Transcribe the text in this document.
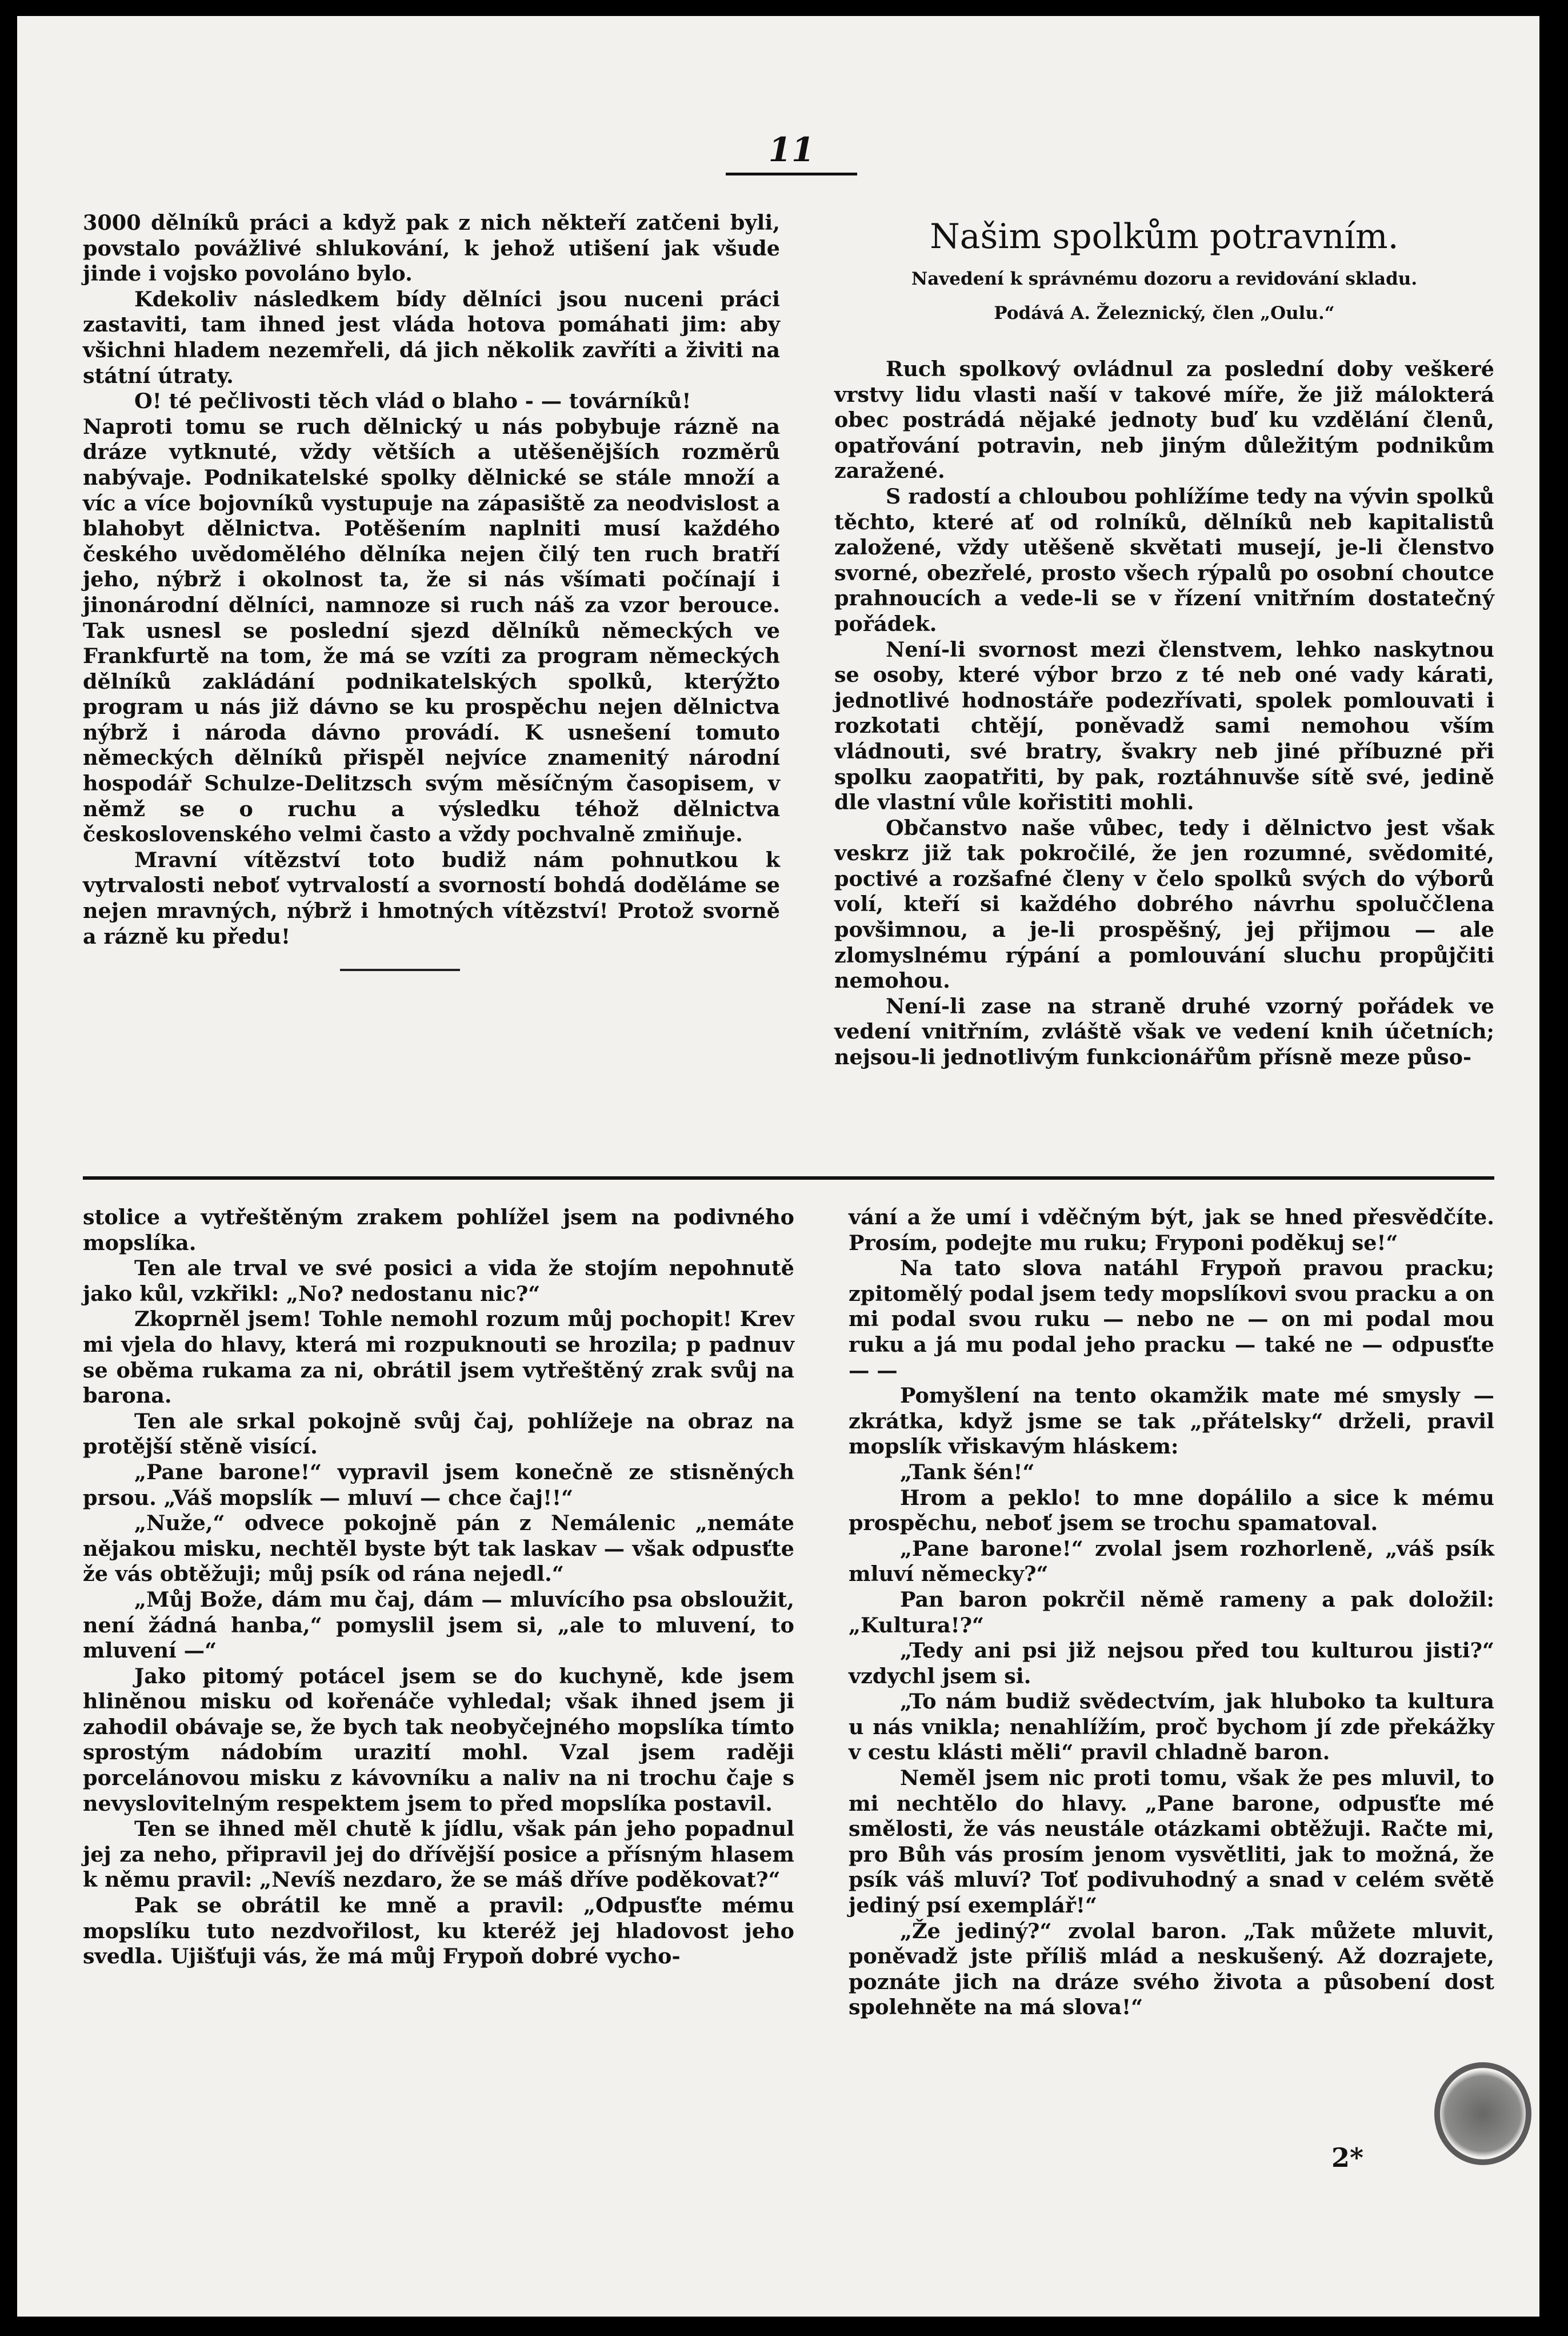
11

3000 dělníků práci a když pak z nich někteří zatčeni byli, povstalo povážlivé shlukování, k jehož utišení jak všude jinde i vojsko povoláno bylo.

Kdekoliv následkem bídy dělníci jsou nuceni práci zastaviti, tam ihned jest vláda hotova pomáhati jim: aby všichni hladem nezemřeli, dá jich několik zavříti a živiti na státní útraty.

O! té pečlivosti těch vlád o blaho - — továrníků!

Naproti tomu se ruch dělnický u nás pobybuje rázně na dráze vytknuté, vždy větších a utěšenějších rozměrů nabývaje. Podnikatelské spolky dělnické se stále množí a víc a více bojovníků vystupuje na zápasiště za neodvislost a blahobyt dělnictva. Potěšením naplniti musí každého českého uvědomělého dělníka nejen čilý ten ruch bratří jeho, nýbrž i okolnost ta, že si nás všímati počínají i jinonárodní dělníci, namnoze si ruch náš za vzor berouce. Tak usnesl se poslední sjezd dělníků německých ve Frankfurtě na tom, že má se vzíti za program německých dělníků zakládání podnikatelských spolků, kterýžto program u nás již dávno se ku prospěchu nejen dělnictva nýbrž i národa dávno provádí. K usnešení tomuto německých dělníků přispěl nejvíce znamenitý národní hospodář Schulze-Delitzsch svým měsíčným časopisem, v němž se o ruchu a výsledku téhož dělnictva československého velmi často a vždy pochvalně zmiňuje.

Mravní vítězství toto budiž nám pohnutkou k vytrvalosti neboť vytrvalostí a svorností bohdá doděláme se nejen mravných, nýbrž i hmotných vítězství! Protož svorně a rázně ku předu!

Našim spolkům potravním.
Navedení k správnému dozoru a revidování skladu.
Podává A. Železnický, člen „Oulu.“

Ruch spolkový ovládnul za poslední doby veškeré vrstvy lidu vlasti naší v takové míře, že již málokterá obec postrádá nějaké jednoty buď ku vzdělání členů, opatřování potravin, neb jiným důležitým podnikům zaražené.

S radostí a chloubou pohlížíme tedy na vývin spolků těchto, které ať od rolníků, dělníků neb kapitalistů založené, vždy utěšeně skvětati musejí, je-li členstvo svorné, obezřelé, prosto všech rýpalů po osobní choutce prahnoucích a vede-li se v řízení vnitřním dostatečný pořádek.

Není-li svornost mezi členstvem, lehko naskytnou se osoby, které výbor brzo z té neb oné vady kárati, jednotlivé hodnostáře podezřívati, spolek pomlouvati i rozkotati chtějí, poněvadž sami nemohou vším vládnouti, své bratry, švakry neb jiné příbuzné při spolku zaopatřiti, by pak, roztáhnuvše sítě své, jedině dle vlastní vůle kořistiti mohli.

Občanstvo naše vůbec, tedy i dělnictvo jest však veskrz již tak pokročilé, že jen rozumné, svědomité, poctivé a rozšafné členy v čelo spolků svých do výborů volí, kteří si každého dobrého návrhu spoluččlena povšimnou, a je-li prospěšný, jej přijmou — ale zlomyslnému rýpání a pomlouvání sluchu propůjčiti nemohou.

Není-li zase na straně druhé vzorný pořádek ve vedení vnitřním, zvláště však ve vedení knih účetních; nejsou-li jednotlivým funkcionářům přísně meze půso-

stolice a vytřeštěným zrakem pohlížel jsem na podivného mopslíka.

Ten ale trval ve své posici a vida že stojím nepohnutě jako kůl, vzkřikl: „No? nedostanu nic?“

Zkoprněl jsem! Tohle nemohl rozum můj pochopit! Krev mi vjela do hlavy, která mi rozpuknouti se hrozila; p padnuv se oběma rukama za ni, obrátil jsem vytřeštěný zrak svůj na barona.

Ten ale srkal pokojně svůj čaj, pohlížeje na obraz na protější stěně visící.

„Pane barone!“ vypravil jsem konečně ze stisněných prsou. „Váš mopslík — mluví — chce čaj!!“

„Nuže,“ odvece pokojně pán z Nemálenic „nemáte nějakou misku, nechtěl byste být tak laskav — však odpusťte že vás obtěžuji; můj psík od rána nejedl.“

„Můj Bože, dám mu čaj, dám — mluvícího psa obsloužit, není žádná hanba,“ pomyslil jsem si, „ale to mluvení, to mluvení —“

Jako pitomý potácel jsem se do kuchyně, kde jsem hliněnou misku od kořenáče vyhledal; však ihned jsem ji zahodil obávaje se, že bych tak neobyčejného mopslíka tímto sprostým nádobím urazití mohl. Vzal jsem raději porcelánovou misku z kávovníku a naliv na ni trochu čaje s nevyslovitelným respektem jsem to před mopslíka postavil.

Ten se ihned měl chutě k jídlu, však pán jeho popadnul jej za neho, připravil jej do dřívější posice a přísným hlasem k němu pravil: „Nevíš nezdaro, že se máš dříve poděkovat?“

Pak se obrátil ke mně a pravil: „Odpusťte mému mopslíku tuto nezdvořilost, ku kteréž jej hladovost jeho svedla. Ujišťuji vás, že má můj Frypoň dobré vycho-

vání a že umí i vděčným být, jak se hned přesvědčíte. Prosím, podejte mu ruku; Fryponi poděkuj se!“

Na tato slova natáhl Frypoň pravou pracku; zpitomělý podal jsem tedy mopslíkovi svou pracku a on mi podal svou ruku — nebo ne — on mi podal mou ruku a já mu podal jeho pracku — také ne — odpusťte — —

Pomyšlení na tento okamžik mate mé smysly — zkrátka, když jsme se tak „přátelsky“ drželi, pravil mopslík vřiskavým hláskem:

„Tank šén!“

Hrom a peklo! to mne dopálilo a sice k mému prospěchu, neboť jsem se trochu spamatoval.

„Pane barone!“ zvolal jsem rozhorleně, „váš psík mluví německy?“

Pan baron pokrčil němě rameny a pak doložil: „Kultura!?“

„Tedy ani psi již nejsou před tou kulturou jisti?“ vzdychl jsem si.

„To nám budiž svědectvím, jak hluboko ta kultura u nás vnikla; nenahlížím, proč bychom jí zde překážky v cestu klásti měli“ pravil chladně baron.

Neměl jsem nic proti tomu, však že pes mluvil, to mi nechtělo do hlavy. „Pane barone, odpusťte mé smělosti, že vás neustále otázkami obtěžuji. Račte mi, pro Bůh vás prosím jenom vysvětliti, jak to možná, že psík váš mluví? Toť podivuhodný a snad v celém světě jediný psí exemplář!“

„Že jediný?“ zvolal baron. „Tak můžete mluvit, poněvadž jste příliš mlád a neskušený. Až dozrajete, poznáte jich na dráze svého života a působení dost spolehněte na má slova!“

2*
